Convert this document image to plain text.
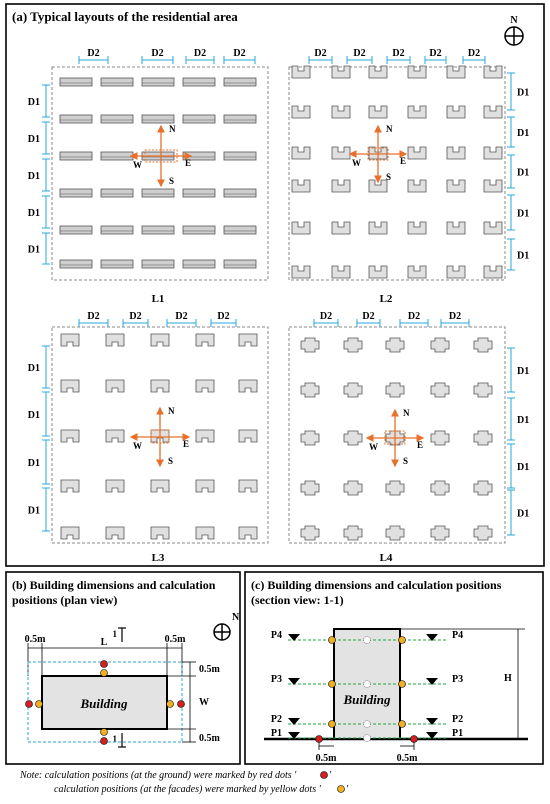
(a) Typical layouts of the residential area	N
L1	L2
L3	L4
D2	D2	D2	D2	D2	D2	D2 D2	D2
D2	D2	D2	D2	D2	D2	D2	D2
D1
D1
D1
D1
D1
D1
D1
D1
D1
D1
D1
D1
D1
D1
D1
D1
D1
D1
N
S
E
W
N
S
E
W
N
S
E
W
N
S
E
W
(b) Building dimensions and calculation
positions (plan view)
N
0.5m	L	0.5m
1
1
Building
0.5m
W
0.5m
(c) Building dimensions and calculation positions
(section view: 1-1)
Building
H
P4	P4
P3	P3
P2	P2
P1	P1
0.5m	0.5m
Note: calculation positions (at the ground) were marked by red dots '	'
calculation positions (at the facades) were marked by yellow dots '	'
